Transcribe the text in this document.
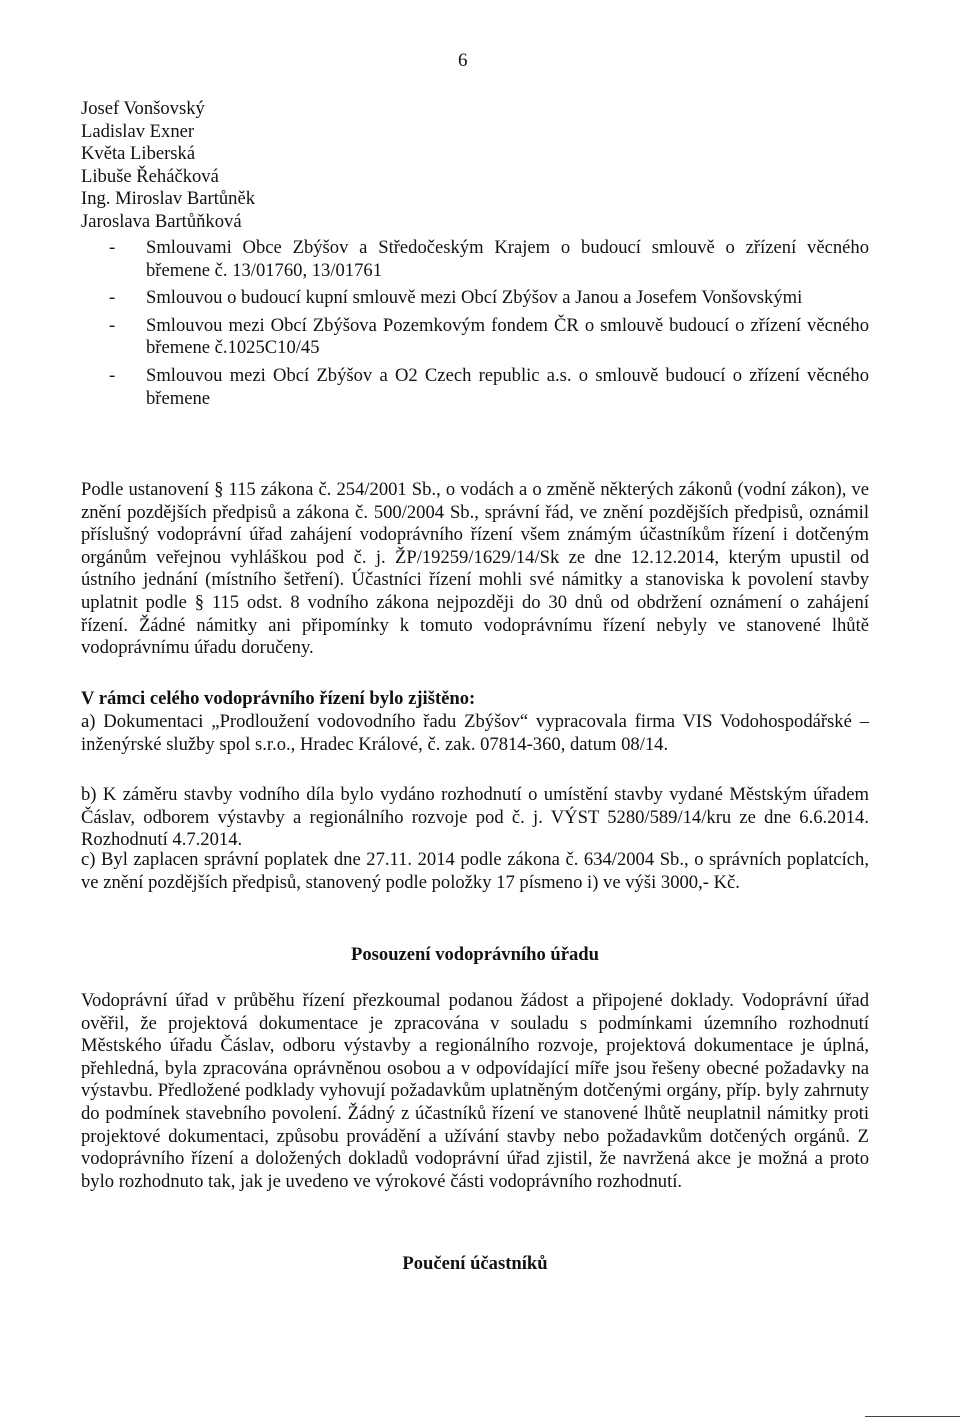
6
Josef Vonšovský
Ladislav Exner
Květa Liberská
Libuše Řeháčková
Ing. Miroslav Bartůněk
Jaroslava Bartůňková
- Smlouvami Obce Zbýšov a Středočeským Krajem o budoucí smlouvě o zřízení věcného břemene č. 13/01760, 13/01761
- Smlouvou o budoucí kupní smlouvě mezi Obcí Zbýšov a Janou a Josefem Vonšovskými
- Smlouvou mezi Obcí Zbýšova Pozemkovým fondem ČR o smlouvě budoucí o zřízení věcného břemene č.1025C10/45
- Smlouvou mezi Obcí Zbýšov a O2 Czech republic a.s. o smlouvě budoucí o zřízení věcného břemene

Podle ustanovení § 115 zákona č. 254/2001 Sb., o vodách a o změně některých zákonů (vodní zákon), ve znění pozdějších předpisů a zákona č. 500/2004 Sb., správní řád, ve znění pozdějších předpisů, oznámil příslušný vodoprávní úřad zahájení vodoprávního řízení všem známým účastníkům řízení i dotčeným orgánům veřejnou vyhláškou pod č. j. ŽP/19259/1629/14/Sk ze dne 12.12.2014, kterým upustil od ústního jednání (místního šetření). Účastníci řízení mohli své námitky a stanoviska k povolení stavby uplatnit podle § 115 odst. 8 vodního zákona nejpozději do 30 dnů od obdržení oznámení o zahájení řízení. Žádné námitky ani připomínky k tomuto vodoprávnímu řízení nebyly ve stanovené lhůtě vodoprávnímu úřadu doručeny.

V rámci celého vodoprávního řízení bylo zjištěno:

a) Dokumentaci „Prodloužení vodovodního řadu Zbýšov“ vypracovala firma VIS Vodohospodářské – inženýrské služby spol s.r.o., Hradec Králové, č. zak. 07814-360, datum 08/14.

b) K záměru stavby vodního díla bylo vydáno rozhodnutí o umístění stavby vydané Městským úřadem Čáslav, odborem výstavby a regionálního rozvoje pod č. j. VÝST 5280/589/14/kru ze dne 6.6.2014. Rozhodnutí 4.7.2014.

c) Byl zaplacen správní poplatek dne 27.11. 2014 podle zákona č. 634/2004 Sb., o správních poplatcích, ve znění pozdějších předpisů, stanovený podle položky 17 písmeno i) ve výši 3000,- Kč.

Posouzení vodoprávního úřadu

Vodoprávní úřad v průběhu řízení přezkoumal podanou žádost a připojené doklady. Vodoprávní úřad ověřil, že projektová dokumentace je zpracována v souladu s podmínkami územního rozhodnutí Městského úřadu Čáslav, odboru výstavby a regionálního rozvoje, projektová dokumentace je úplná, přehledná, byla zpracována oprávněnou osobou a v odpovídající míře jsou řešeny obecné požadavky na výstavbu. Předložené podklady vyhovují požadavkům uplatněným dotčenými orgány, příp. byly zahrnuty do podmínek stavebního povolení. Žádný z účastníků řízení ve stanovené lhůtě neuplatnil námitky proti projektové dokumentaci, způsobu provádění a užívání stavby nebo požadavkům dotčených orgánů. Z vodoprávního řízení a doložených dokladů vodoprávní úřad zjistil, že navržená akce je možná a proto bylo rozhodnuto tak, jak je uvedeno ve výrokové části vodoprávního rozhodnutí.

Poučení účastníků
